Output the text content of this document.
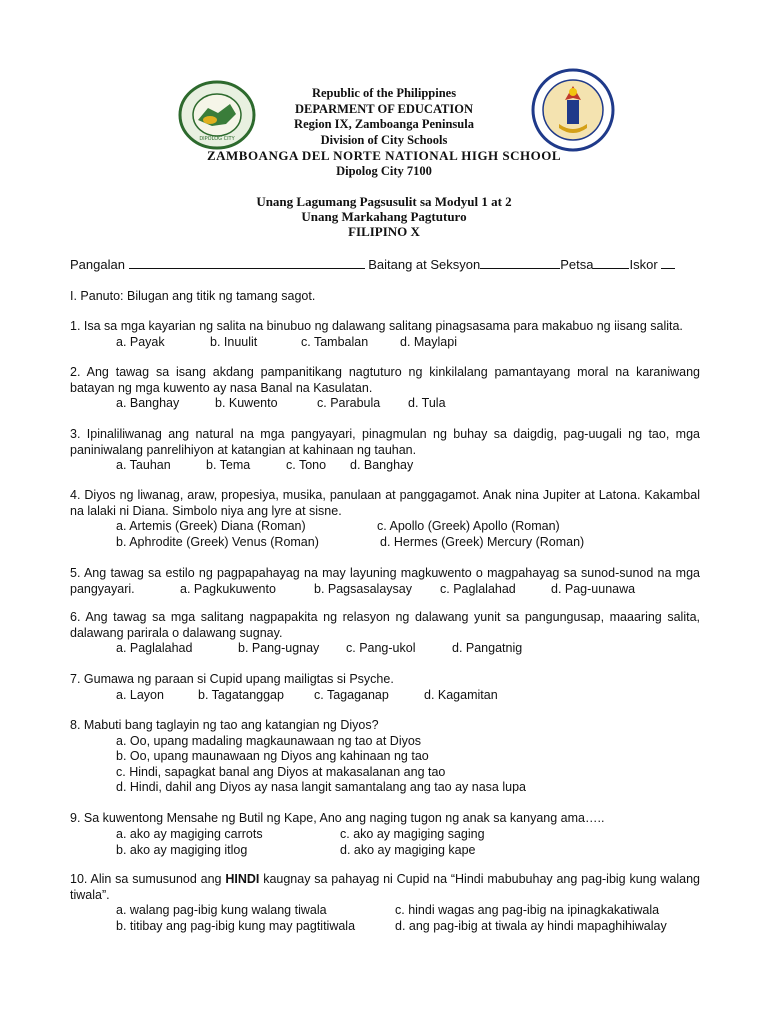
DIPOLOG CITY
Republic of the Philippines
DEPARMENT OF EDUCATION
Region IX, Zamboanga Peninsula
Division of City Schools
ZAMBOANGA DEL NORTE NATIONAL HIGH SCHOOL
Dipolog City 7100
Unang Lagumang Pagsusulit sa Modyul 1 at 2
Unang Markahang Pagtuturo
FILIPINO X
Pangalan	Baitang at Seksyon	Petsa	Iskor
I. Panuto: Bilugan ang titik ng tamang sagot.
1. Isa sa mga kayarian ng salita na binubuo ng dalawang salitang pinagsasama para makabuo ng iisang salita.
a. Payak	b. Inuulit	c. Tambalan	d. Maylapi
2. Ang tawag sa isang akdang pampanitikang nagtuturo ng kinkilalang pamantayang moral na karaniwang batayan ng mga kuwento ay nasa Banal na Kasulatan.
a. Banghay	b. Kuwento	c. Parabula d. Tula
3. Ipinaliliwanag ang natural na mga pangyayari, pinagmulan ng buhay sa daigdig, pag-uugali ng tao, mga paniniwalang panrelihiyon at katangian at kahinaan ng tauhan.
a. Tauhan	b. Tema	c. Tono d. Banghay
4. Diyos ng liwanag, araw, propesiya, musika, panulaan at panggagamot. Anak nina Jupiter at Latona. Kakambal na lalaki ni Diana. Simbolo niya ang lyre at sisne.
a. Artemis (Greek) Diana (Roman)	c. Apollo (Greek) Apollo (Roman)
b. Aphrodite (Greek) Venus (Roman)	d. Hermes (Greek) Mercury (Roman)
5. Ang tawag sa estilo ng pagpapahayag na may layuning magkuwento o magpahayag sa sunod-sunod na mga pangyayari.	a. Pagkukuwento	b. Pagsasalaysay c. Paglalahad	d. Pag-uunawa
6. Ang tawag sa mga salitang nagpapakita ng relasyon ng dalawang yunit sa pangungusap, maaaring salita, dalawang parirala o dalawang sugnay.
a. Paglalahad	b. Pang-ugnay c. Pang-ukol	d. Pangatnig
7. Gumawa ng paraan si Cupid upang mailigtas si Psyche.
a. Layon	b. Tagatanggap c. Tagaganap	d. Kagamitan
8. Mabuti bang taglayin ng tao ang katangian ng Diyos?
a. Oo, upang madaling magkaunawaan ng tao at Diyos
b. Oo, upang maunawaan ng Diyos ang kahinaan ng tao
c. Hindi, sapagkat banal ang Diyos at makasalanan ang tao
d. Hindi, dahil ang Diyos ay nasa langit samantalang ang tao ay nasa lupa
9. Sa kuwentong Mensahe ng Butil ng Kape, Ano ang naging tugon ng anak sa kanyang ama…..
a. ako ay magiging carrots	c. ako ay magiging saging
b. ako ay magiging itlog	d. ako ay magiging kape
10. Alin sa sumusunod ang HINDI kaugnay sa pahayag ni Cupid na “Hindi mabubuhay ang pag-ibig kung walang tiwala”.
a. walang pag-ibig kung walang tiwala	c. hindi wagas ang pag-ibig na ipinagkakatiwala
b. titibay ang pag-ibig kung may pagtitiwala	d. ang pag-ibig at tiwala ay hindi mapaghihiwalay
